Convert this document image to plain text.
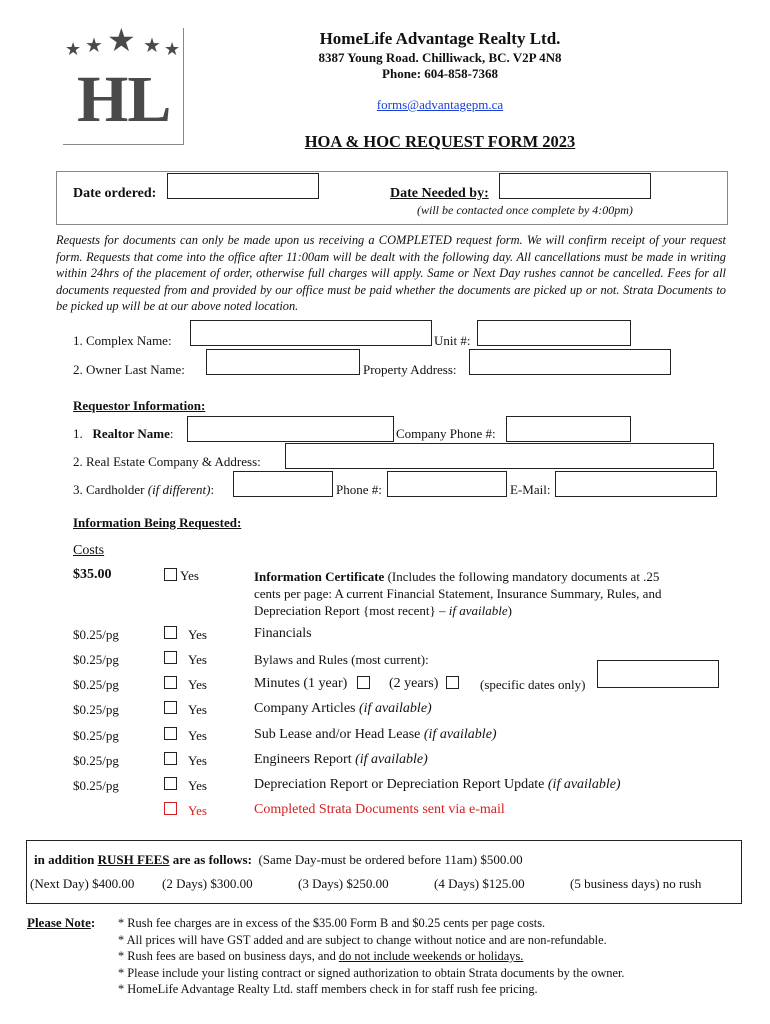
★ ★ ★ ★ ★
HL
HomeLife Advantage Realty Ltd.
8387 Young Road. Chilliwack, BC. V2P 4N8
Phone: 604-858-7368
forms@advantagepm.ca
HOA & HOC REQUEST FORM 2023
Date ordered:	Date Needed by:
(will be contacted once complete by 4:00pm)
Requests for documents can only be made upon us receiving a COMPLETED request form. We will confirm receipt of your request form. Requests that come into the office after 11:00am will be dealt with the following day. All cancellations must be made in writing within 24hrs of the placement of order, otherwise full charges will apply. Same or Next Day rushes cannot be cancelled. Fees for all documents requested from and provided by our office must be paid whether the documents are picked up or not. Strata Documents to be picked up will be at our above noted location.
1. Complex Name:	Unit #:
2. Owner Last Name:	Property Address:
Requestor Information:
1. Realtor Name:	Company Phone #:
2. Real Estate Company & Address:
3. Cardholder (if different):	Phone #:	E-Mail:
Information Being Requested:
Costs
$35.00	Yes	Information Certificate (Includes the following mandatory documents at .25
cents per page: A current Financial Statement, Insurance Summary, Rules, and
Depreciation Report {most recent} – if available)
$0.25/pg	Yes	Financials
$0.25/pg	Yes	Bylaws and Rules (most current):
$0.25/pg	Yes	Minutes (1 year)	(2 years)	(specific dates only)
$0.25/pg	Yes	Company Articles (if available)
$0.25/pg	Yes	Sub Lease and/or Head Lease (if available)
$0.25/pg	Yes	Engineers Report (if available)
$0.25/pg	Yes	Depreciation Report or Depreciation Report Update (if available)
Yes	Completed Strata Documents sent via e-mail
in addition RUSH FEES are as follows: (Same Day-must be ordered before 11am) $500.00
(Next Day) $400.00 (2 Days) $300.00	(3 Days) $250.00	(4 Days) $125.00	(5 business days) no rush
Please Note: * Rush fee charges are in excess of the $35.00 Form B and $0.25 cents per page costs.
* All prices will have GST added and are subject to change without notice and are non-refundable.
* Rush fees are based on business days, and do not include weekends or holidays.
* Please include your listing contract or signed authorization to obtain Strata documents by the owner.
* HomeLife Advantage Realty Ltd. staff members check in for staff rush fee pricing.
